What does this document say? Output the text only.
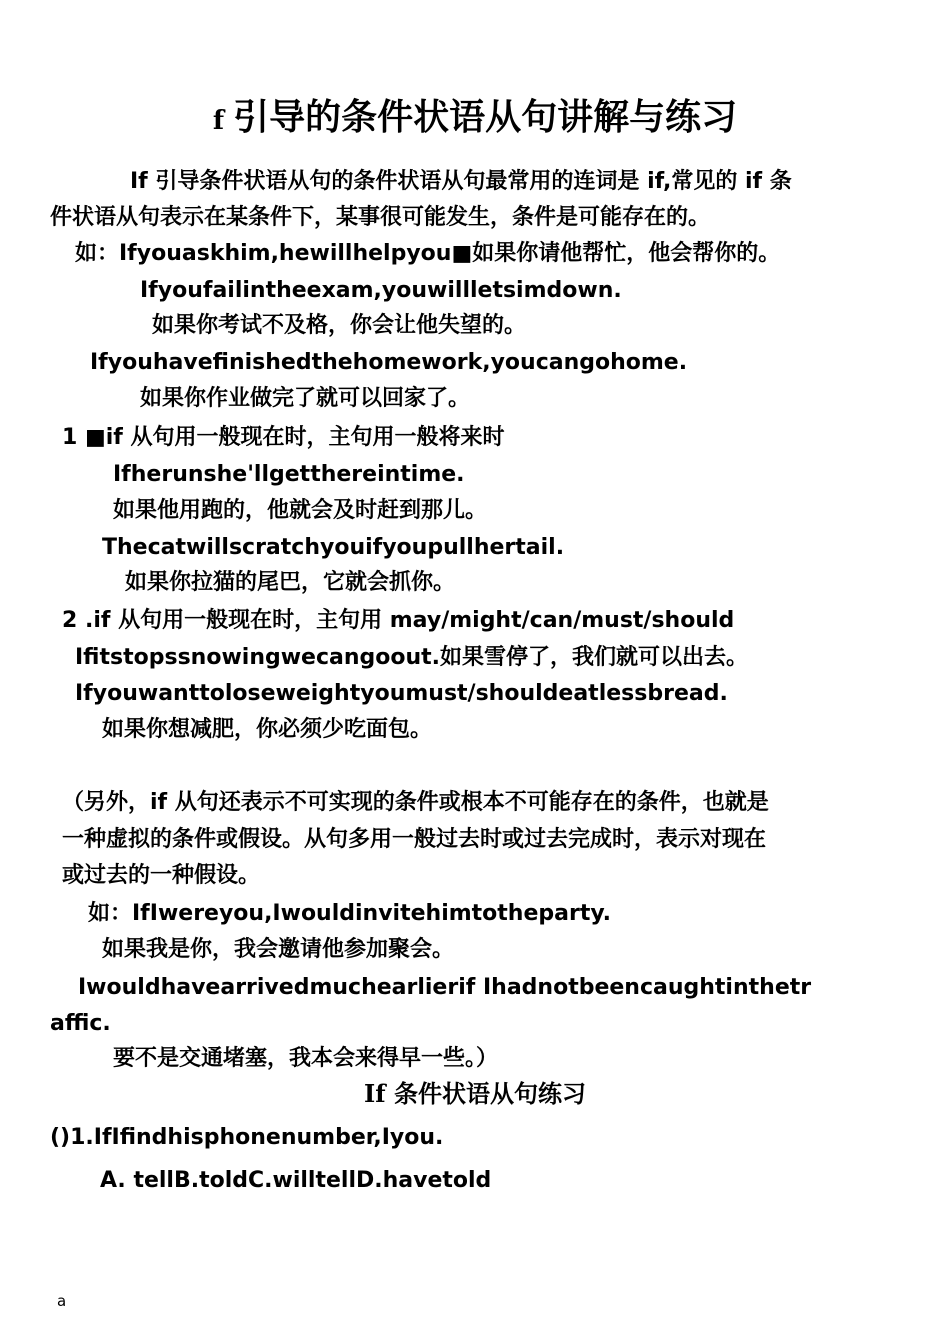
f 引导的条件状语从句讲解与练习
If 引导条件状语从句的条件状语从句最常用的连词是 if,常见的 if 条
件状语从句表示在某条件下，某事很可能发生，条件是可能存在的。
如：Ifyouaskhim,hewillhelpyou■如果你请他帮忙，他会帮你的。
Ifyoufailintheexam,youwillletsimdown.
如果你考试不及格，你会让他失望的。
Ifyouhavefinishedthehomework,youcangohome.
如果你作业做完了就可以回家了。
1 ■if 从句用一般现在时，主句用一般将来时
Ifherunshe'llgetthereintime.
如果他用跑的，他就会及时赶到那儿。
Thecatwillscratchyouifyoupullhertail.
如果你拉猫的尾巴，它就会抓你。
2 .if 从句用一般现在时，主句用 may/might/can/must/should
Ifitstopssnowingwecangoout.如果雪停了，我们就可以出去。
Ifyouwanttoloseweightyoumust/shouldeatlessbread.
如果你想减肥，你必须少吃面包。
（另外，if 从句还表示不可实现的条件或根本不可能存在的条件，也就是
一种虚拟的条件或假设。从句多用一般过去时或过去完成时，表示对现在
或过去的一种假设。
如：IfIwereyou,Iwouldinvitehimtotheparty.
如果我是你，我会邀请他参加聚会。
Iwouldhavearrivedmuchearlierif Ihadnotbeencaughtinthetr
affic.
要不是交通堵塞，我本会来得早一些。）
If 条件状语从句练习
()1.IfIfindhisphonenumber,Iyou.
A. tellB.toldC.willtellD.havetold
a
